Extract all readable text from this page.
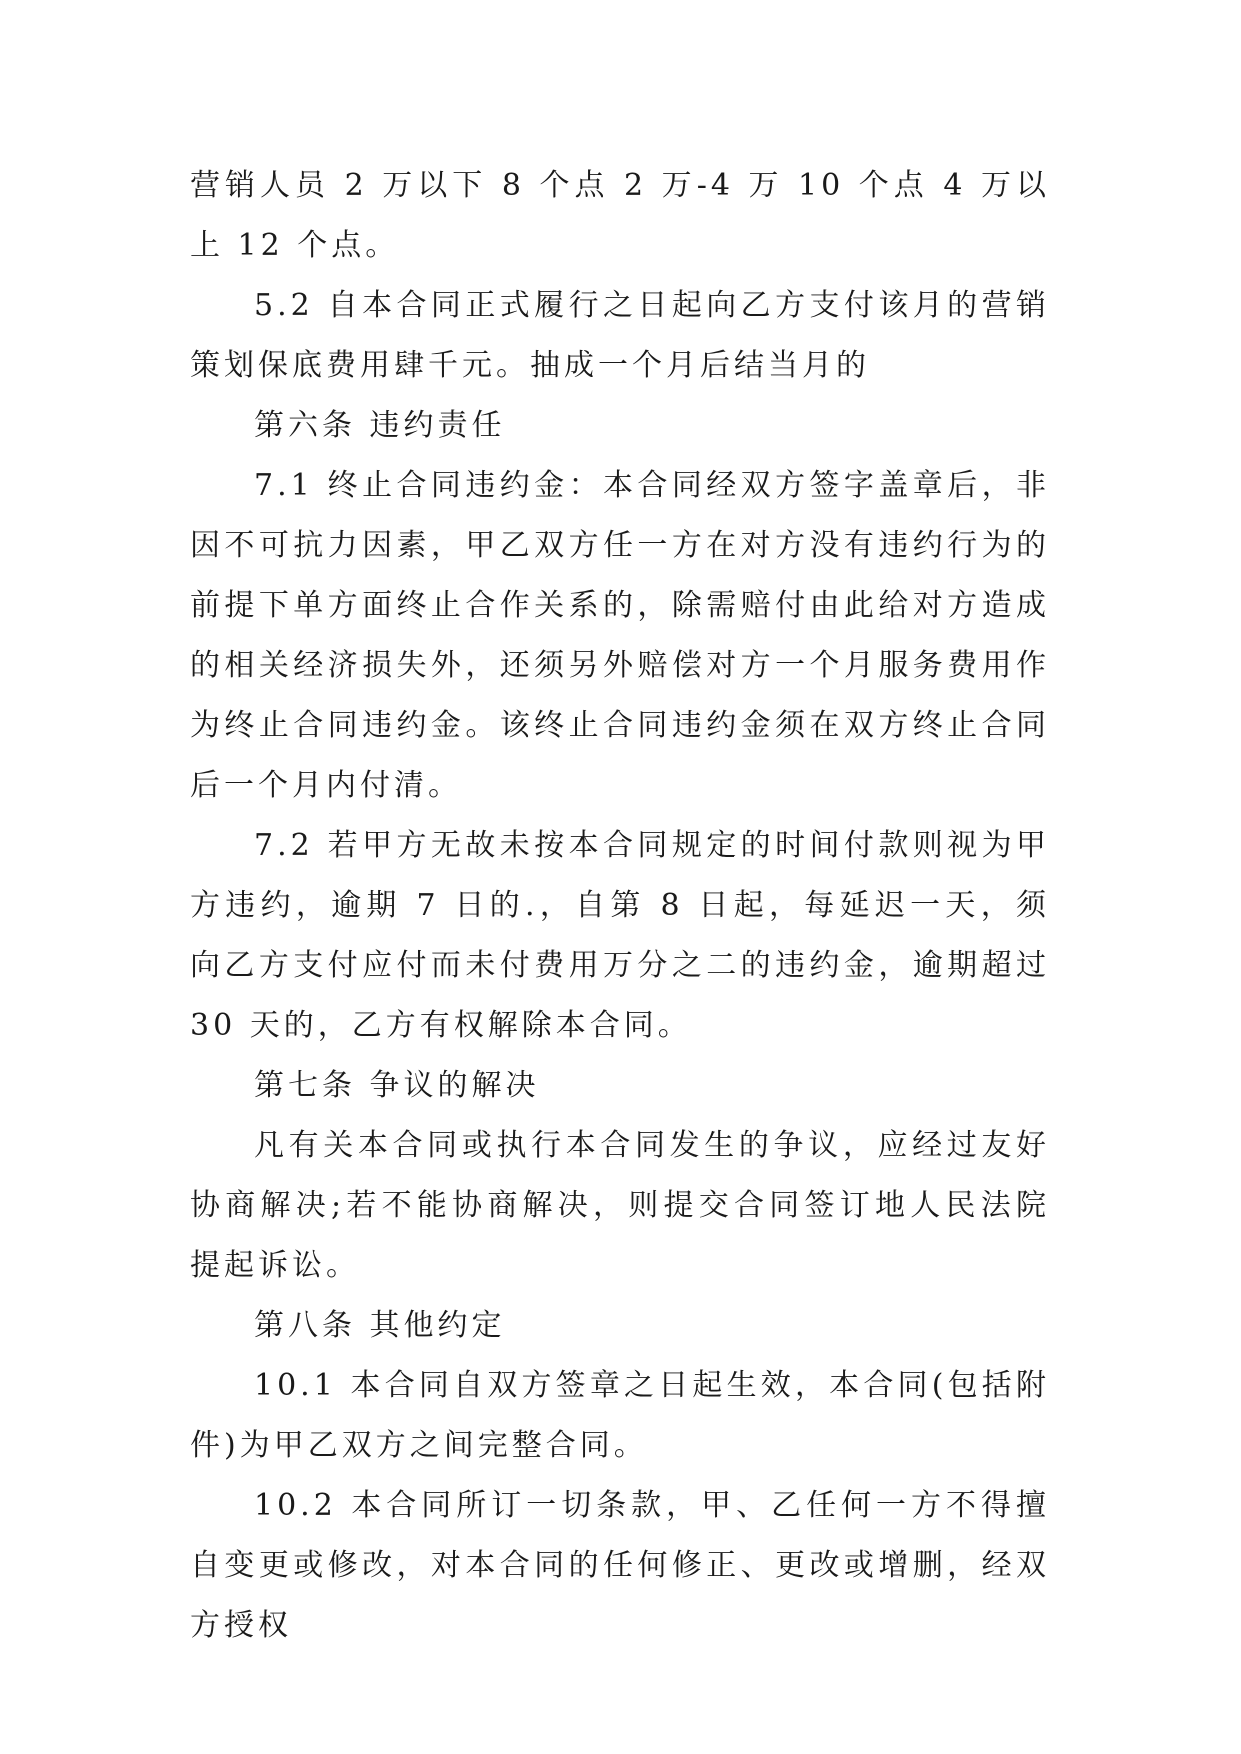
营销人员 2 万以下 8 个点 2 万-4 万 10 个点 4 万以上 12 个点。

5.2 自本合同正式履行之日起向乙方支付该月的营销策划保底费用肆千元。抽成一个月后结当月的

第六条 违约责任

7.1 终止合同违约金：本合同经双方签字盖章后，非因不可抗力因素，甲乙双方任一方在对方没有违约行为的前提下单方面终止合作关系的，除需赔付由此给对方造成的相关经济损失外，还须另外赔偿对方一个月服务费用作为终止合同违约金。该终止合同违约金须在双方终止合同后一个月内付清。

7.2 若甲方无故未按本合同规定的时间付款则视为甲方违约，逾期 7 日的.，自第 8 日起，每延迟一天，须向乙方支付应付而未付费用万分之二的违约金，逾期超过 30 天的，乙方有权解除本合同。

第七条 争议的解决

凡有关本合同或执行本合同发生的争议，应经过友好协商解决;若不能协商解决，则提交合同签订地人民法院提起诉讼。

第八条 其他约定

10.1 本合同自双方签章之日起生效，本合同(包括附件)为甲乙双方之间完整合同。

10.2 本合同所订一切条款，甲、乙任何一方不得擅自变更或修改，对本合同的任何修正、更改或增删，经双方授权
